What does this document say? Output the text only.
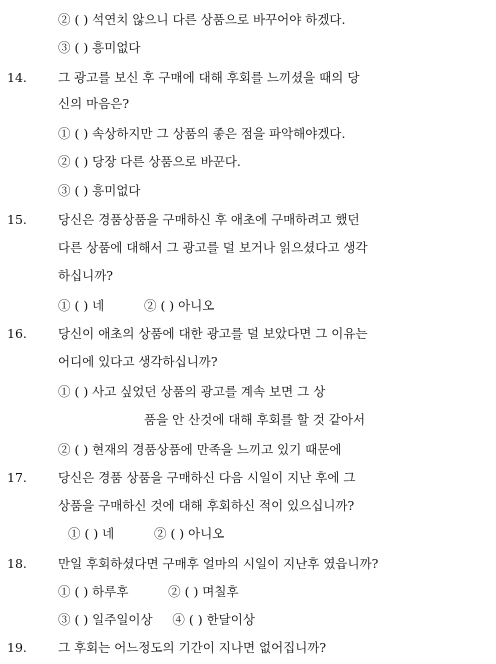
② ( ) 석연치 않으니 다른 상품으로 바꾸어야 하겠다.
③ ( ) 흥미없다
14. 그 광고를 보신 후 구매에 대해 후회를 느끼셨을 때의 당
신의 마음은?
① ( ) 속상하지만 그 상품의 좋은 점을 파악해야겠다.
② ( ) 당장 다른 상품으로 바꾼다.
③ ( ) 흥미없다
15. 당신은 경품상품을 구매하신 후 애초에 구매하려고 했던
다른 상품에 대해서 그 광고를 덜 보거나 읽으셨다고 생각
하십니까?
① ( ) 네          ② ( ) 아니오
16. 당신이 애초의 상품에 대한 광고를 덜 보았다면 그 이유는
어디에 있다고 생각하십니까?
① ( ) 사고 싶었던 상품의 광고를 계속 보면 그 상
품을 안 산것에 대해 후회를 할 것 같아서
② ( ) 현재의 경품상품에 만족을 느끼고 있기 때문에
17. 당신은 경품 상품을 구매하신 다음 시일이 지난 후에 그
상품을 구매하신 것에 대해 후회하신 적이 있으십니까?
① ( ) 네          ② ( ) 아니오
18. 만일 후회하셨다면 구매후 얼마의 시일이 지난후 였읍니까?
① ( ) 하루후          ② ( ) 며칠후
③ ( ) 일주일이상     ④ ( ) 한달이상
19. 그 후회는 어느정도의 기간이 지나면 없어집니까?
